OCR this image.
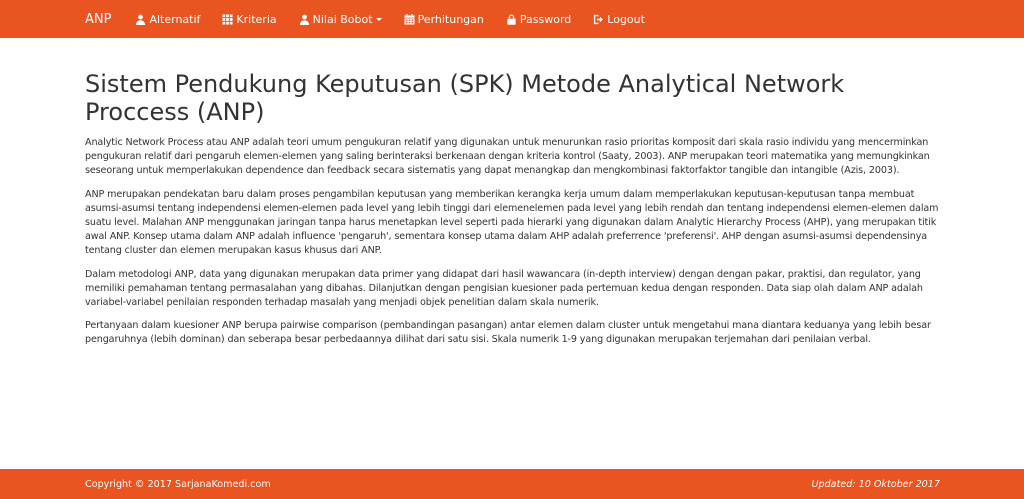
ANP	Alternatif	Kriteria	Nilai Bobot	Perhitungan	Password	Logout
Sistem Pendukung Keputusan (SPK) Metode Analytical Network Proccess (ANP)

Analytic Network Process atau ANP adalah teori umum pengukuran relatif yang digunakan untuk menurunkan rasio prioritas komposit dari skala rasio individu yang mencerminkan pengukuran relatif dari pengaruh elemen-elemen yang saling berinteraksi berkenaan dengan kriteria kontrol (Saaty, 2003). ANP merupakan teori matematika yang memungkinkan seseorang untuk memperlakukan dependence dan feedback secara sistematis yang dapat menangkap dan mengkombinasi faktorfaktor tangible dan intangible (Azis, 2003).

ANP merupakan pendekatan baru dalam proses pengambilan keputusan yang memberikan kerangka kerja umum dalam memperlakukan keputusan-keputusan tanpa membuat asumsi-asumsi tentang independensi elemen-elemen pada level yang lebih tinggi dari elemenelemen pada level yang lebih rendah dan tentang independensi elemen-elemen dalam suatu level. Malahan ANP menggunakan jaringan tanpa harus menetapkan level seperti pada hierarki yang digunakan dalam Analytic Hierarchy Process (AHP), yang merupakan titik awal ANP. Konsep utama dalam ANP adalah influence 'pengaruh', sementara konsep utama dalam AHP adalah preferrence 'preferensi'. AHP dengan asumsi-asumsi dependensinya tentang cluster dan elemen merupakan kasus khusus dari ANP.

Dalam metodologi ANP, data yang digunakan merupakan data primer yang didapat dari hasil wawancara (in-depth interview) dengan dengan pakar, praktisi, dan regulator, yang memiliki pemahaman tentang permasalahan yang dibahas. Dilanjutkan dengan pengisian kuesioner pada pertemuan kedua dengan responden. Data siap olah dalam ANP adalah variabel-variabel penilaian responden terhadap masalah yang menjadi objek penelitian dalam skala numerik.

Pertanyaan dalam kuesioner ANP berupa pairwise comparison (pembandingan pasangan) antar elemen dalam cluster untuk mengetahui mana diantara keduanya yang lebih besar pengaruhnya (lebih dominan) dan seberapa besar perbedaannya dilihat dari satu sisi. Skala numerik 1-9 yang digunakan merupakan terjemahan dari penilaian verbal.

Copyright © 2017 SarjanaKomedi.com	Updated: 10 Oktober 2017
